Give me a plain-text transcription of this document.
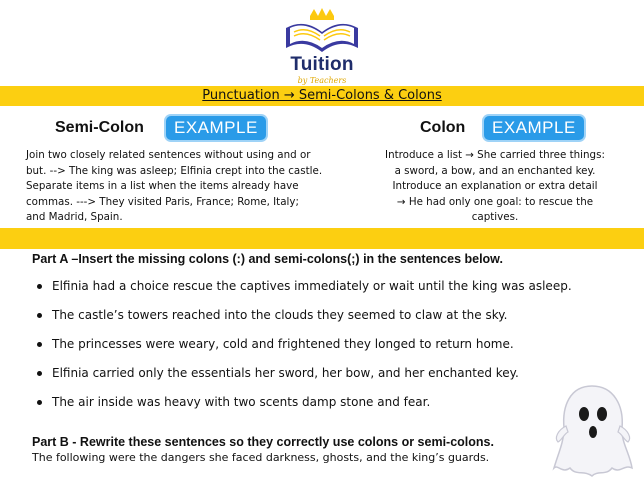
Tuition
by Teachers
Punctuation → Semi-Colons & Colons
Semi-Colon	EXAMPLE
Join two closely related sentences without using and or
but. --> The king was asleep; Elfinia crept into the castle.
Separate items in a list when the items already have
commas. ---> They visited Paris, France; Rome, Italy;
and Madrid, Spain.
Colon	EXAMPLE
Introduce a list → She carried three things:
a sword, a bow, and an enchanted key.
Introduce an explanation or extra detail
→ He had only one goal: to rescue the
captives.
Part A –Insert the missing colons (:) and semi-colons(;) in the sentences below.
Elfinia had a choice rescue the captives immediately or wait until the king was asleep.
The castle’s towers reached into the clouds they seemed to claw at the sky.
The princesses were weary, cold and frightened they longed to return home.
Elfinia carried only the essentials her sword, her bow, and her enchanted key.
The air inside was heavy with two scents damp stone and fear.
Part B - Rewrite these sentences so they correctly use colons or semi-colons.
The following were the dangers she faced darkness, ghosts, and the king’s guards.
